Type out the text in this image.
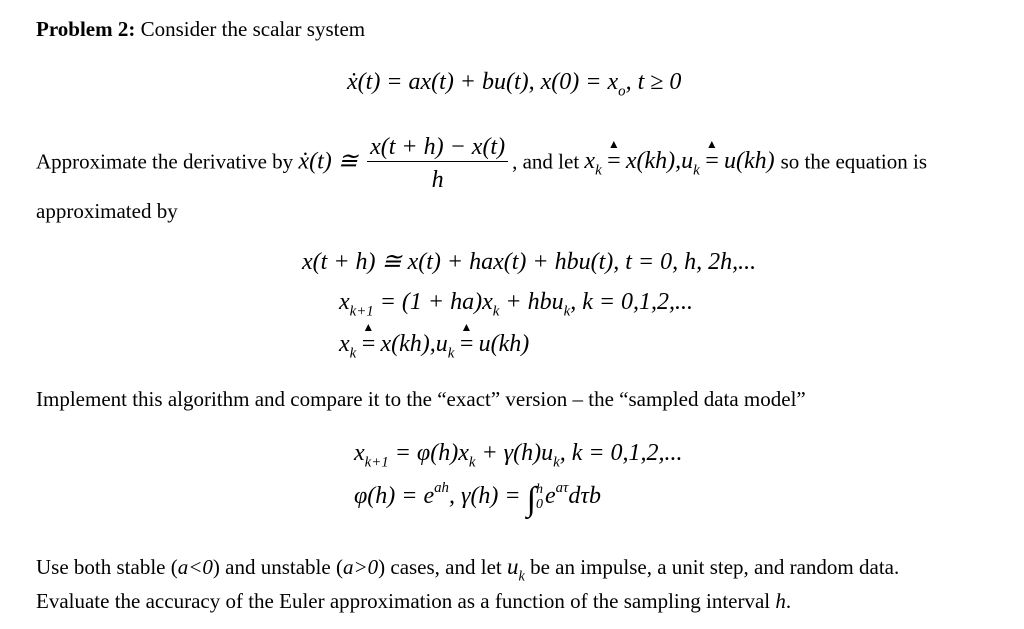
Problem 2: Consider the scalar system
ẋ(t) = ax(t) + bu(t), $x(0) = x_o$, t ≥ 0
Approximate the derivative by ẋ(t) ≅ $\frac{x(t + h) - x(t)}{h}$ , and let $x_k$ =
▲
$x(kh),u_k$ =
▲
u(kh) so the equation is
approximated by
x(t + h) ≅ x(t) + hax(t) + hbu(t), t = 0, h, 2h,...
$x_{k+1} = (1 + ha)x_k + hbu_k$, k = 0,1,2,...
$x_k$ =
▲
$x(kh),u_k$ =
▲
u(kh)
Implement this algorithm and compare it to the “exact” version – the “sampled data model”
$x_{k+1} = \varphi(h)x_k + \gamma(h)u_k$, k = 0,1,2,...
$\varphi(h) = e^{ah}$, γ(h) = ∫ h
0 $e^{a\tau}d\tau b$
Use both stable (a<0) and unstable (a>0) cases, and let $u_k$ be an impulse, a unit step, and random data.
Evaluate the accuracy of the Euler approximation as a function of the sampling interval h.
